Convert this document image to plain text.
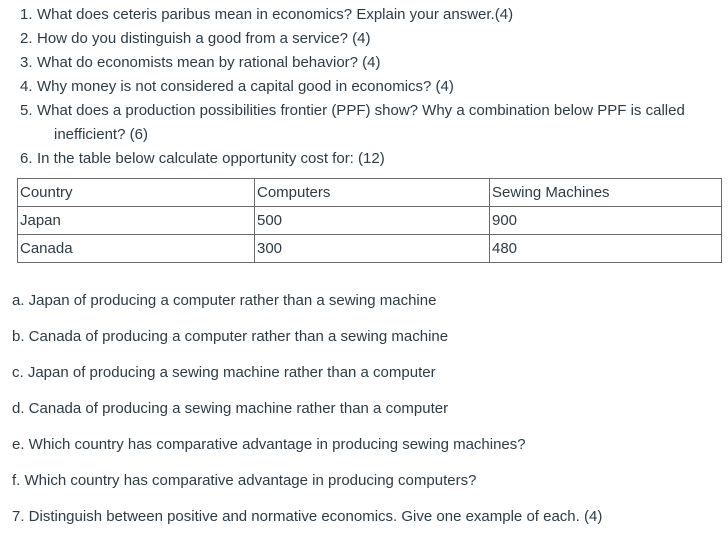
1. What does ceteris paribus mean in economics? Explain your answer.(4)
2. How do you distinguish a good from a service? (4)
3. What do economists mean by rational behavior? (4)
4. Why money is not considered a capital good in economics? (4)
5. What does a production possibilities frontier (PPF) show? Why a combination below PPF is called
inefficient? (6)
6. In the table below calculate opportunity cost for: (12)
Country	Computers	Sewing Machines
Japan	500	900
Canada	300	480
a. Japan of producing a computer rather than a sewing machine
b. Canada of producing a computer rather than a sewing machine
c. Japan of producing a sewing machine rather than a computer
d. Canada of producing a sewing machine rather than a computer
e. Which country has comparative advantage in producing sewing machines?
f. Which country has comparative advantage in producing computers?
7. Distinguish between positive and normative economics. Give one example of each. (4)
